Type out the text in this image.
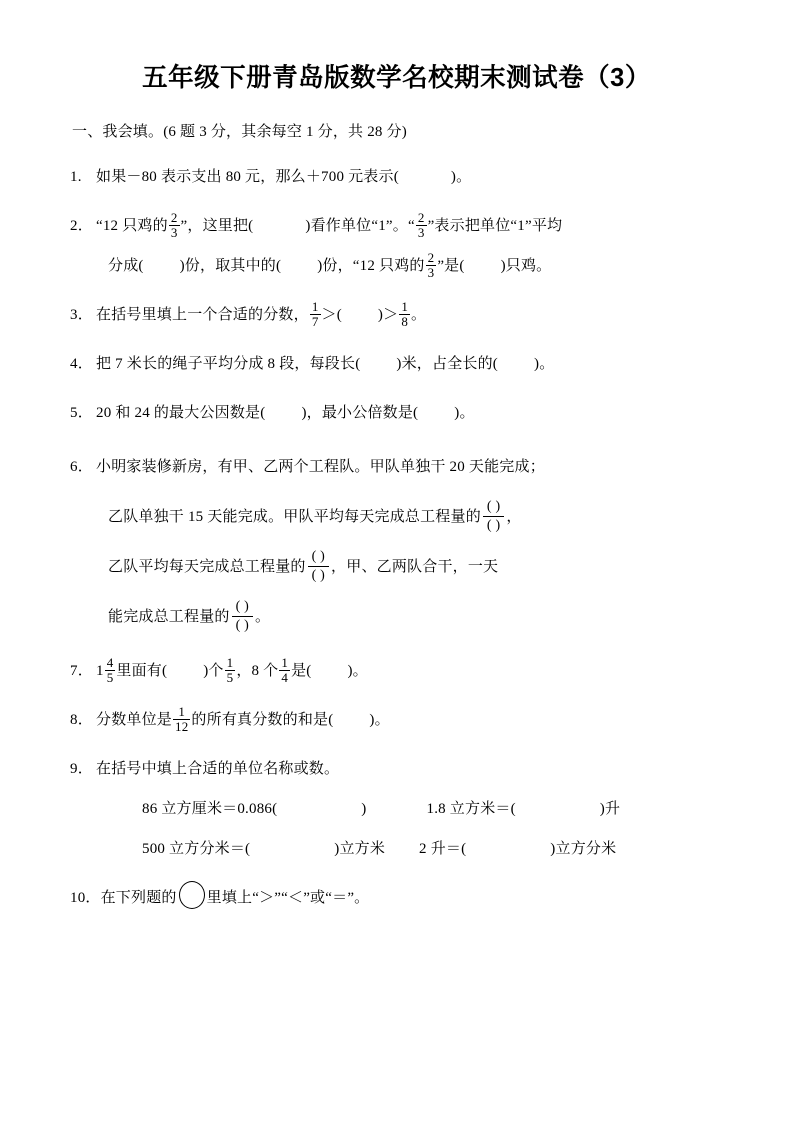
五年级下册青岛版数学名校期末测试卷（3）
一、我会填。(6 题 3 分，其余每空 1 分，共 28 分)
1. 如果－80 表示支出 80 元，那么＋700 元表示(	)。
2． “12 只鸡的 $\frac{2}{3}$ ”，这里把(	)看作单位“1”。“ $\frac{2}{3}$ ”表示把单位“1”平均
分成( )份，取其中的( )份，“12 只鸡的 $\frac{2}{3}$ ”是( )只鸡。
3． 在括号里填上一个合适的分数， $\frac{1}{7}$ ＞( )＞ $\frac{1}{8}$ 。
4． 把 7 米长的绳子平均分成 8 段，每段长( )米，占全长的( )。
5． 20 和 24 的最大公因数是( )，最小公倍数是( )。
6． 小明家装修新房，有甲、乙两个工程队。甲队单独干 20 天能完成；
乙队单独干 15 天能完成。甲队平均每天完成总工程量的
( )
( )
，
乙队平均每天完成总工程量的
( )
( )
，甲、乙两队合干，一天
能完成总工程量的
( )
( )
。
7． $1 \frac{4}{5}$ 里面有( )个 $\frac{1}{5}$ ，8 个 $\frac{1}{4}$ 是( )。
8． 分数单位是 $\frac{1}{12}$ 的所有真分数的和是( )。
9． 在括号中填上合适的单位名称或数。
86 立方厘米＝0.086(	)	1.8 立方米＝(	)升
500 立方分米＝(	)立方米 2 升＝(	)立方分米
10．在下列题的 里填上“＞”“＜”或“＝”。
